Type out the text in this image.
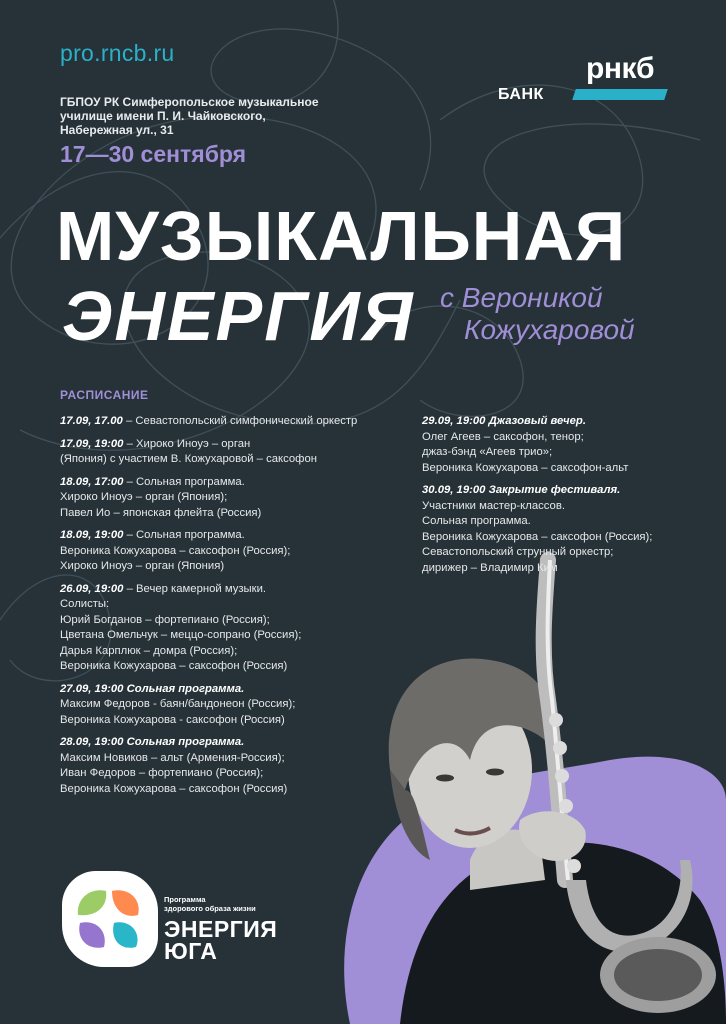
pro.rncb.ru
БАНК
рнкб
ГБПОУ РК Симферопольское музыкальное
училище имени П. И. Чайковского,
Набережная ул., 31
17—30 сентября
МУЗЫКАЛЬНАЯ
ЭНЕРГИЯ с Вероникой
Кожухаровой
РАСПИСАНИЕ
17.09, 17.00 – Севастопольский симфонический оркестр
17.09, 19:00 – Хироко Иноуэ – орган
(Япония) с участием В. Кожухаровой – саксофон
18.09, 17:00 – Сольная программа.
Хироко Иноуэ – орган (Япония);
Павел Ио – японская флейта (Россия)
18.09, 19:00 – Сольная программа.
Вероника Кожухарова – саксофон (Россия);
Хироко Иноуэ – орган (Япония)
26.09, 19:00 – Вечер камерной музыки.
Солисты:
Юрий Богданов – фортепиано (Россия);
Цветана Омельчук – меццо-сопрано (Россия);
Дарья Карплюк – домра (Россия);
Вероника Кожухарова – саксофон (Россия)
27.09, 19:00 Сольная программа.
Максим Федоров - баян/бандонеон (Россия);
Вероника Кожухарова - саксофон (Россия)
28.09, 19:00 Сольная программа.
Максим Новиков – альт (Армения-Россия);
Иван Федоров – фортепиано (Россия);
Вероника Кожухарова – саксофон (Россия)
29.09, 19:00 Джазовый вечер.
Олег Агеев – саксофон, тенор;
джаз-бэнд «Агеев трио»;
Вероника Кожухарова – саксофон-альт
30.09, 19:00 Закрытие фестиваля.
Участники мастер-классов.
Сольная программа.
Вероника Кожухарова – саксофон (Россия);
Севастопольский струнный оркестр;
дирижер – Владимир Ким
Программа
здорового образа жизни
ЭНЕРГИЯ
ЮГА
